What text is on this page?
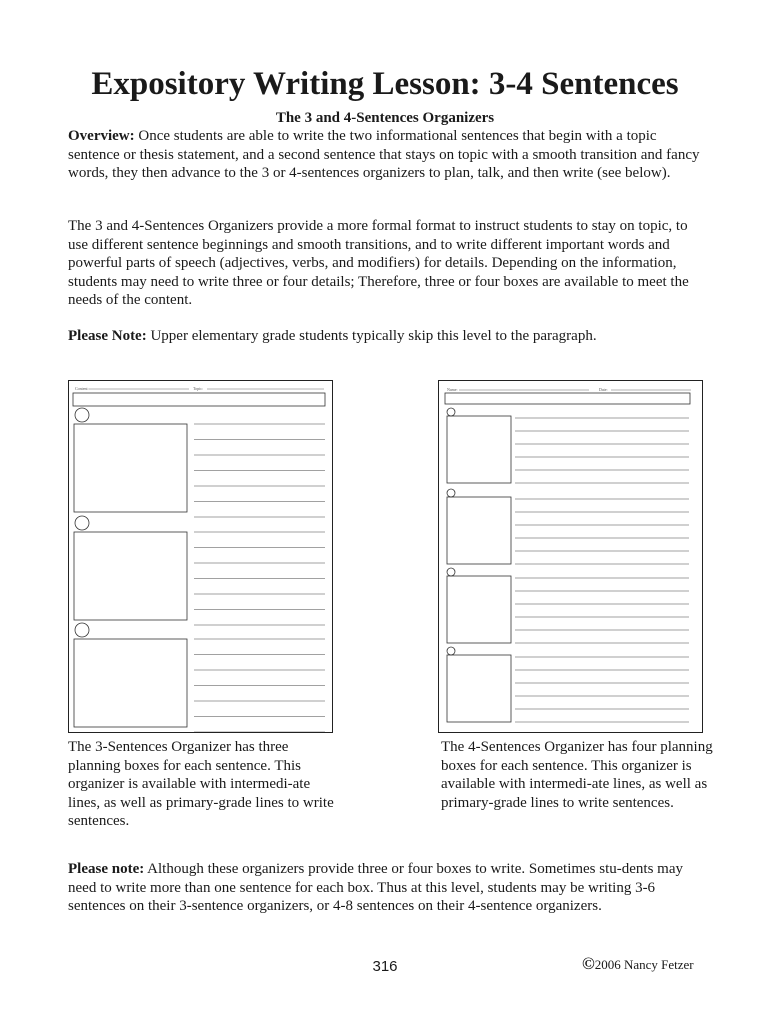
Expository Writing Lesson: 3-4 Sentences
The 3 and 4-Sentences Organizers

Overview: Once students are able to write the two informational sentences that begin with a topic sentence or thesis statement, and a second sentence that stays on topic with a smooth transition and fancy words, they then advance to the 3 or 4-sentences organizers to plan, talk, and then write (see below).

The 3 and 4-Sentences Organizers provide a more formal format to instruct students to stay on topic, to use different sentence beginnings and smooth transitions, and to write different important words and powerful parts of speech (adjectives, verbs, and modifiers) for details. Depending on the information, students may need to write three or four details; Therefore, three or four boxes are available to meet the needs of the content.

Please Note: Upper elementary grade students typically skip this level to the paragraph.

Content:	Topic:	Name:	Date:

The 3-Sentences Organizer has three planning boxes for each sentence. This organizer is available with intermedi-ate lines, as well as primary-grade lines to write sentences.

The 4-Sentences Organizer has four planning boxes for each sentence. This organizer is available with intermedi-ate lines, as well as primary-grade lines to write sentences.

Please note: Although these organizers provide three or four boxes to write. Sometimes stu-dents may need to write more than one sentence for each box. Thus at this level, students may be writing 3-6 sentences on their 3-sentence organizers, or 4-8 sentences on their 4-sentence organizers.

316	©2006 Nancy Fetzer
